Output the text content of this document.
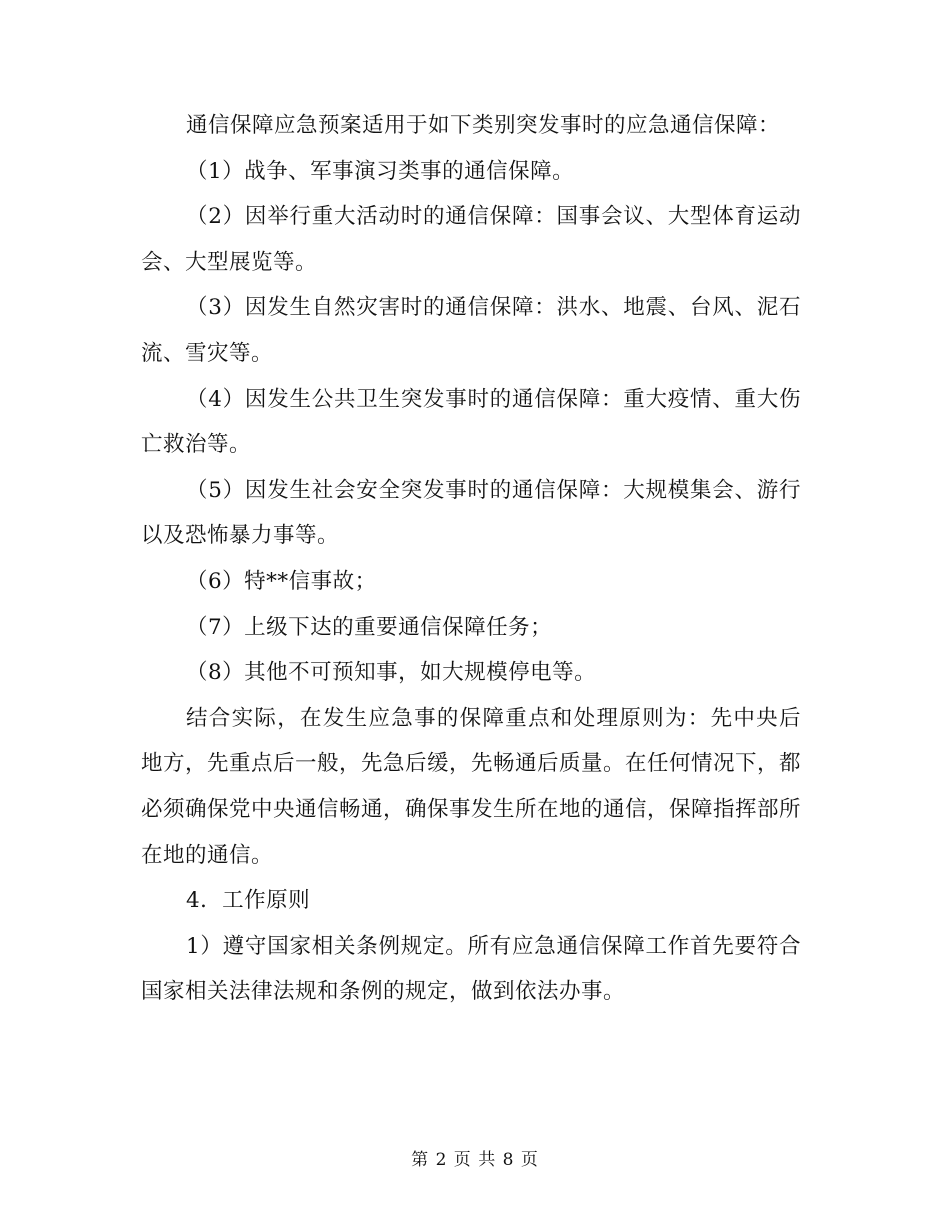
通信保障应急预案适用于如下类别突发事时的应急通信保障：

（1）战争、军事演习类事的通信保障。

（2）因举行重大活动时的通信保障：国事会议、大型体育运动会、大型展览等。

（3）因发生自然灾害时的通信保障：洪水、地震、台风、泥石流、雪灾等。

（4）因发生公共卫生突发事时的通信保障：重大疫情、重大伤亡救治等。

（5）因发生社会安全突发事时的通信保障：大规模集会、游行以及恐怖暴力事等。

（6）特**信事故；

（7）上级下达的重要通信保障任务；

（8）其他不可预知事，如大规模停电等。

结合实际，在发生应急事的保障重点和处理原则为：先中央后地方，先重点后一般，先急后缓，先畅通后质量。在任何情况下，都必须确保党中央通信畅通，确保事发生所在地的通信，保障指挥部所在地的通信。

4．工作原则

1）遵守国家相关条例规定。所有应急通信保障工作首先要符合国家相关法律法规和条例的规定，做到依法办事。

第 2 页 共 8 页
